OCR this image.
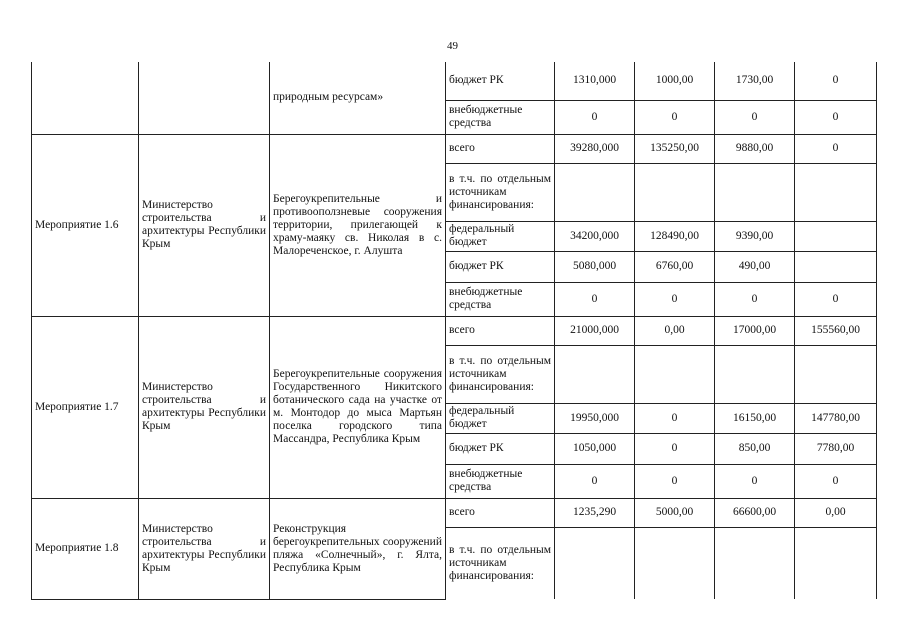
49
		природным ресурсам»	бюджет РК	1310,000	1000,00	1730,00	0
			внебюджетные средства	0	0	0	0
Мероприятие 1.6	Министерство строительства и архитектуры Республики Крым	Берегоукрепительные и противооползневые сооружения территории, прилегающей к храму-маяку св. Николая в с. Малореченское, г. Алушта	всего	39280,000	135250,00	9880,00	0
			в т.ч. по отдельным источникам финансирования:				
			федеральный бюджет	34200,000	128490,00	9390,00	
			бюджет РК	5080,000	6760,00	490,00	
			внебюджетные средства	0	0	0	0
Мероприятие 1.7	Министерство строительства и архитектуры Республики Крым	Берегоукрепительные сооружения Государственного Никитского ботанического сада на участке от м. Монтодор до мыса Мартьян поселка городского типа Массандра, Республика Крым	всего	21000,000	0,00	17000,00	155560,00
			в т.ч. по отдельным источникам финансирования:				
			федеральный бюджет	19950,000	0	16150,00	147780,00
			бюджет РК	1050,000	0	850,00	7780,00
			внебюджетные средства	0	0	0	0
Мероприятие 1.8	Министерство строительства и архитектуры Республики Крым	Реконструкция берегоукрепительных сооружений пляжа «Солнечный», г. Ялта, Республика Крым	всего	1235,290	5000,00	66600,00	0,00
			в т.ч. по отдельным источникам финансирования:				
